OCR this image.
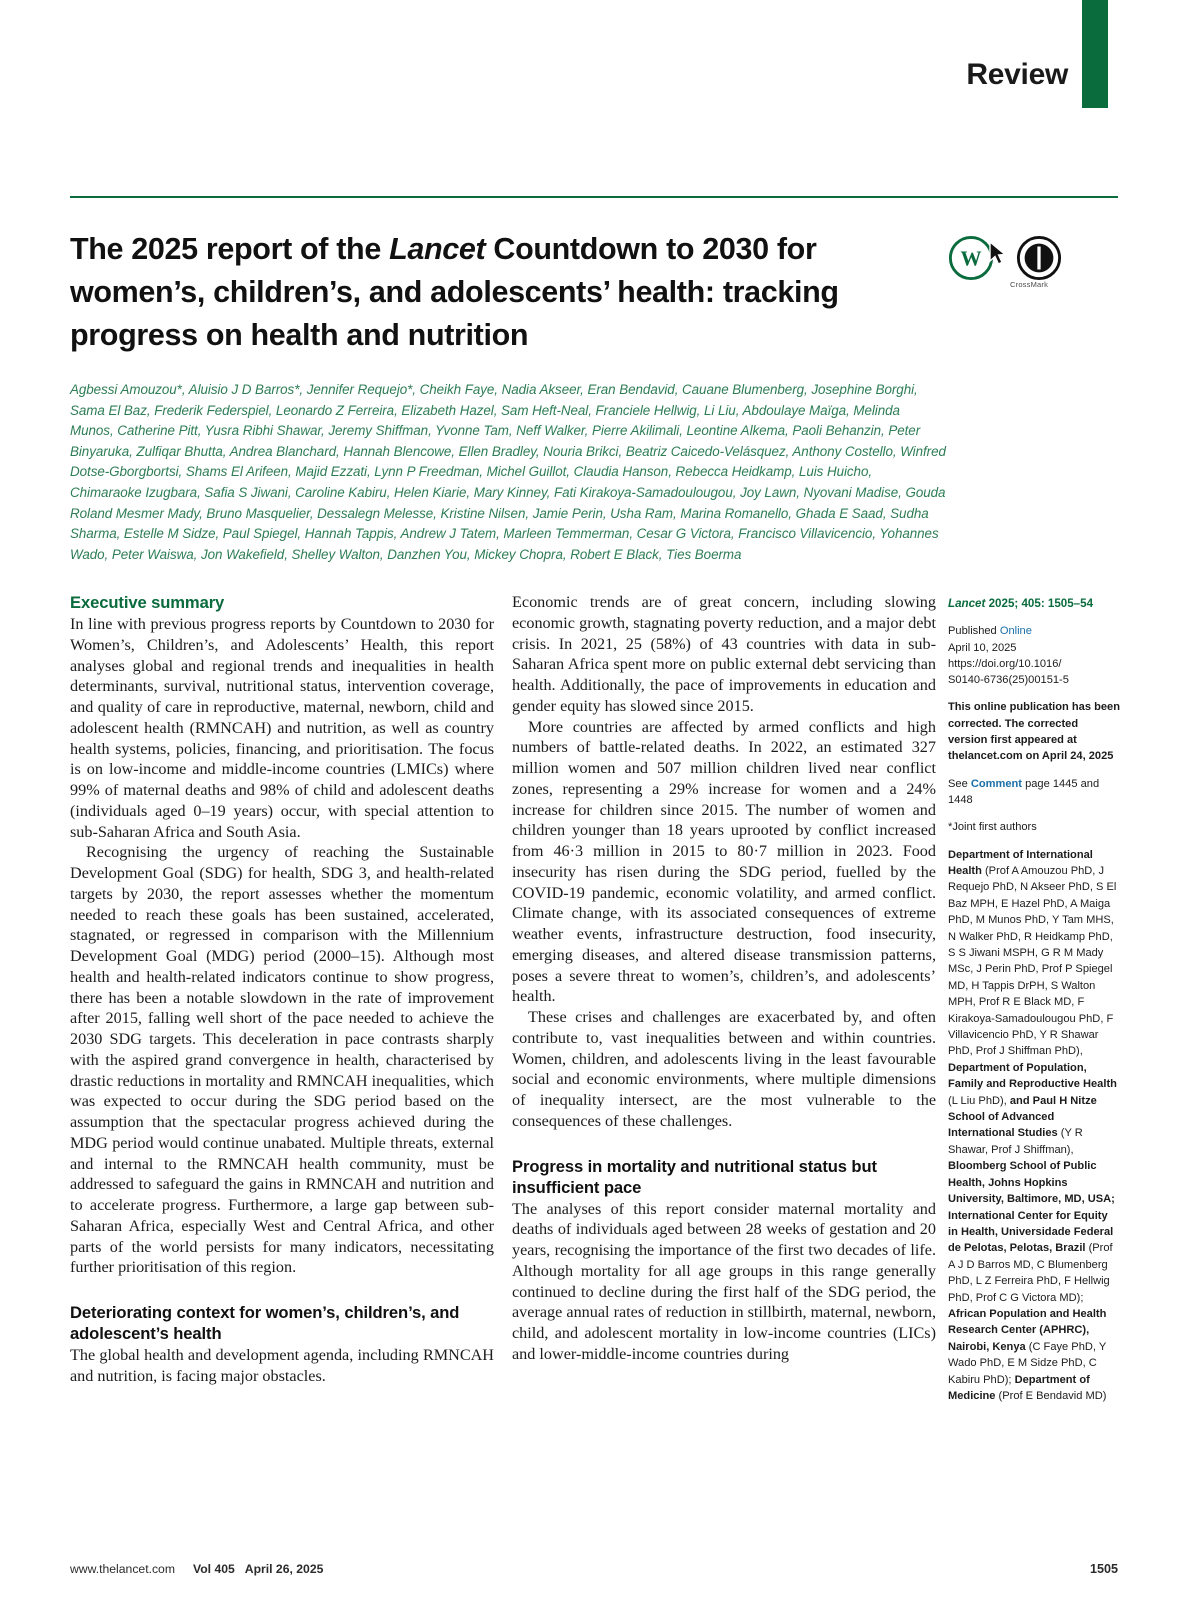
Review
The 2025 report of the Lancet Countdown to 2030 for women’s, children’s, and adolescents’ health: tracking progress on health and nutrition
W
CrossMark
Agbessi Amouzou*, Aluisio J D Barros*, Jennifer Requejo*, Cheikh Faye, Nadia Akseer, Eran Bendavid, Cauane Blumenberg, Josephine Borghi, Sama El Baz, Frederik Federspiel, Leonardo Z Ferreira, Elizabeth Hazel, Sam Heft-Neal, Franciele Hellwig, Li Liu, Abdoulaye Maïga, Melinda Munos, Catherine Pitt, Yusra Ribhi Shawar, Jeremy Shiffman, Yvonne Tam, Neff Walker, Pierre Akilimali, Leontine Alkema, Paoli Behanzin, Peter Binyaruka, Zulfiqar Bhutta, Andrea Blanchard, Hannah Blencowe, Ellen Bradley, Nouria Brikci, Beatriz Caicedo-Velásquez, Anthony Costello, Winfred Dotse-Gborgbortsi, Shams El Arifeen, Majid Ezzati, Lynn P Freedman, Michel Guillot, Claudia Hanson, Rebecca Heidkamp, Luis Huicho, Chimaraoke Izugbara, Safia S Jiwani, Caroline Kabiru, Helen Kiarie, Mary Kinney, Fati Kirakoya-Samadoulougou, Joy Lawn, Nyovani Madise, Gouda Roland Mesmer Mady, Bruno Masquelier, Dessalegn Melesse, Kristine Nilsen, Jamie Perin, Usha Ram, Marina Romanello, Ghada E Saad, Sudha Sharma, Estelle M Sidze, Paul Spiegel, Hannah Tappis, Andrew J Tatem, Marleen Temmerman, Cesar G Victora, Francisco Villavicencio, Yohannes Wado, Peter Waiswa, Jon Wakefield, Shelley Walton, Danzhen You, Mickey Chopra, Robert E Black, Ties Boerma
Executive summary

In line with previous progress reports by Countdown to 2030 for Women’s, Children’s, and Adolescents’ Health, this report analyses global and regional trends and inequalities in health determinants, survival, nutritional status, intervention coverage, and quality of care in reproductive, maternal, newborn, child and adolescent health (RMNCAH) and nutrition, as well as country health systems, policies, financing, and prioritisation. The focus is on low-income and middle-income countries (LMICs) where 99% of maternal deaths and 98% of child and adolescent deaths (individuals aged 0–19 years) occur, with special attention to sub-Saharan Africa and South Asia.

Recognising the urgency of reaching the Sustainable Development Goal (SDG) for health, SDG 3, and health-related targets by 2030, the report assesses whether the momentum needed to reach these goals has been sustained, accelerated, stagnated, or regressed in comparison with the Millennium Development Goal (MDG) period (2000–15). Although most health and health-related indicators continue to show progress, there has been a notable slowdown in the rate of improvement after 2015, falling well short of the pace needed to achieve the 2030 SDG targets. This deceleration in pace contrasts sharply with the aspired grand convergence in health, characterised by drastic reductions in mortality and RMNCAH inequalities, which was expected to occur during the SDG period based on the assumption that the spectacular progress achieved during the MDG period would continue unabated. Multiple threats, external and internal to the RMNCAH health community, must be addressed to safeguard the gains in RMNCAH and nutrition and to accelerate progress. Furthermore, a large gap between sub-Saharan Africa, especially West and Central Africa, and other parts of the world persists for many indicators, necessitating further prioritisation of this region.

Deteriorating context for women’s, children’s, and adolescent’s health

The global health and development agenda, including RMNCAH and nutrition, is facing major obstacles.

Economic trends are of great concern, including slowing economic growth, stagnating poverty reduction, and a major debt crisis. In 2021, 25 (58%) of 43 countries with data in sub-Saharan Africa spent more on public external debt servicing than health. Additionally, the pace of improvements in education and gender equity has slowed since 2015.

More countries are affected by armed conflicts and high numbers of battle-related deaths. In 2022, an estimated 327 million women and 507 million children lived near conflict zones, representing a 29% increase for women and a 24% increase for children since 2015. The number of women and children younger than 18 years uprooted by conflict increased from 46·3 million in 2015 to 80·7 million in 2023. Food insecurity has risen during the SDG period, fuelled by the COVID-19 pandemic, economic volatility, and armed conflict. Climate change, with its associated consequences of extreme weather events, infrastructure destruction, food insecurity, emerging diseases, and altered disease transmission patterns, poses a severe threat to women’s, children’s, and adolescents’ health.

These crises and challenges are exacerbated by, and often contribute to, vast inequalities between and within countries. Women, children, and adolescents living in the least favourable social and economic environments, where multiple dimensions of inequality intersect, are the most vulnerable to the consequences of these challenges.

Progress in mortality and nutritional status but insufficient pace

The analyses of this report consider maternal mortality and deaths of individuals aged between 28 weeks of gestation and 20 years, recognising the importance of the first two decades of life. Although mortality for all age groups in this range generally continued to decline during the first half of the SDG period, the average annual rates of reduction in stillbirth, maternal, newborn, child, and adolescent mortality in low-income countries (LICs) and lower-middle-income countries during

Lancet 2025; 405: 1505–54
Published Online
April 10, 2025
https://doi.org/10.1016/
S0140-6736(25)00151-5
This online publication has been corrected. The corrected version first appeared at thelancet.com on April 24, 2025
See Comment page 1445 and 1448
*Joint first authors
Department of International Health (Prof A Amouzou PhD, J Requejo PhD, N Akseer PhD, S El Baz MPH, E Hazel PhD, A Maiga PhD, M Munos PhD, Y Tam MHS, N Walker PhD, R Heidkamp PhD, S S Jiwani MSPH, G R M Mady MSc, J Perin PhD, Prof P Spiegel MD, H Tappis DrPH, S Walton MPH, Prof R E Black MD, F Kirakoya-Samadoulougou PhD, F Villavicencio PhD, Y R Shawar PhD, Prof J Shiffman PhD), Department of Population, Family and Reproductive Health (L Liu PhD), and Paul H Nitze School of Advanced International Studies (Y R Shawar, Prof J Shiffman), Bloomberg School of Public Health, Johns Hopkins University, Baltimore, MD, USA; International Center for Equity in Health, Universidade Federal de Pelotas, Pelotas, Brazil (Prof A J D Barros MD, C Blumenberg PhD, L Z Ferreira PhD, F Hellwig PhD, Prof C G Victora MD); African Population and Health Research Center (APHRC), Nairobi, Kenya (C Faye PhD, Y Wado PhD, E M Sidze PhD, C Kabiru PhD); Department of Medicine (Prof E Bendavid MD)
www.thelancet.com Vol 405 April 26, 2025	1505
